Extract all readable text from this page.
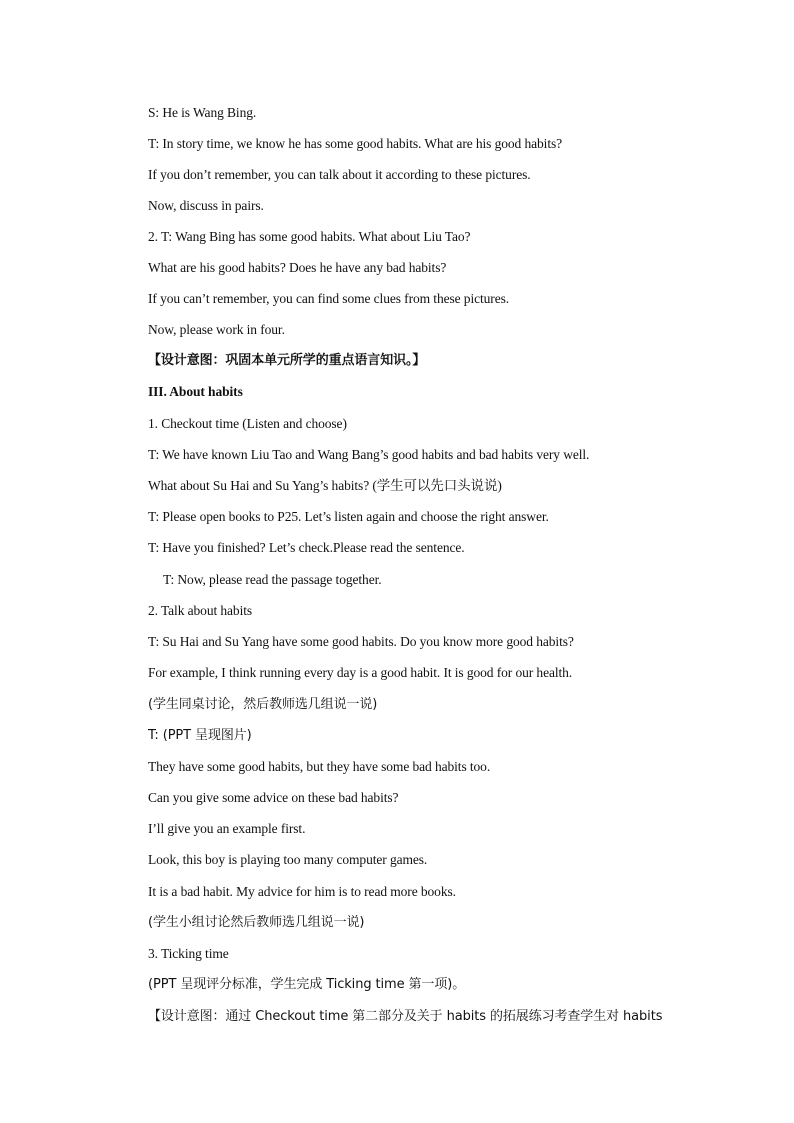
S: He is Wang Bing.
T: In story time, we know he has some good habits. What are his good habits?
If you don’t remember, you can talk about it according to these pictures.
Now, discuss in pairs.
2. T: Wang Bing has some good habits. What about Liu Tao?
What are his good habits? Does he have any bad habits?
If you can’t remember, you can find some clues from these pictures.
Now, please work in four.
【设计意图：巩固本单元所学的重点语言知识。】
III. About habits
1. Checkout time (Listen and choose)
T: We have known Liu Tao and Wang Bang’s good habits and bad habits very well.
What about Su Hai and Su Yang’s habits? (学生可以先口头说说)
T: Please open books to P25. Let’s listen again and choose the right answer.
T: Have you finished? Let’s check.Please read the sentence.
T: Now, please read the passage together.
2. Talk about habits
T: Su Hai and Su Yang have some good habits. Do you know more good habits?
For example, I think running every day is a good habit. It is good for our health.
(学生同桌讨论，然后教师选几组说一说)
T: (PPT 呈现图片)
They have some good habits, but they have some bad habits too.
Can you give some advice on these bad habits?
I’ll give you an example first.
Look, this boy is playing too many computer games.
It is a bad habit. My advice for him is to read more books.
(学生小组讨论然后教师选几组说一说)
3. Ticking time
(PPT 呈现评分标准，学生完成 Ticking time 第一项)。
【设计意图：通过 Checkout time 第二部分及关于 habits 的拓展练习考查学生对 habits
